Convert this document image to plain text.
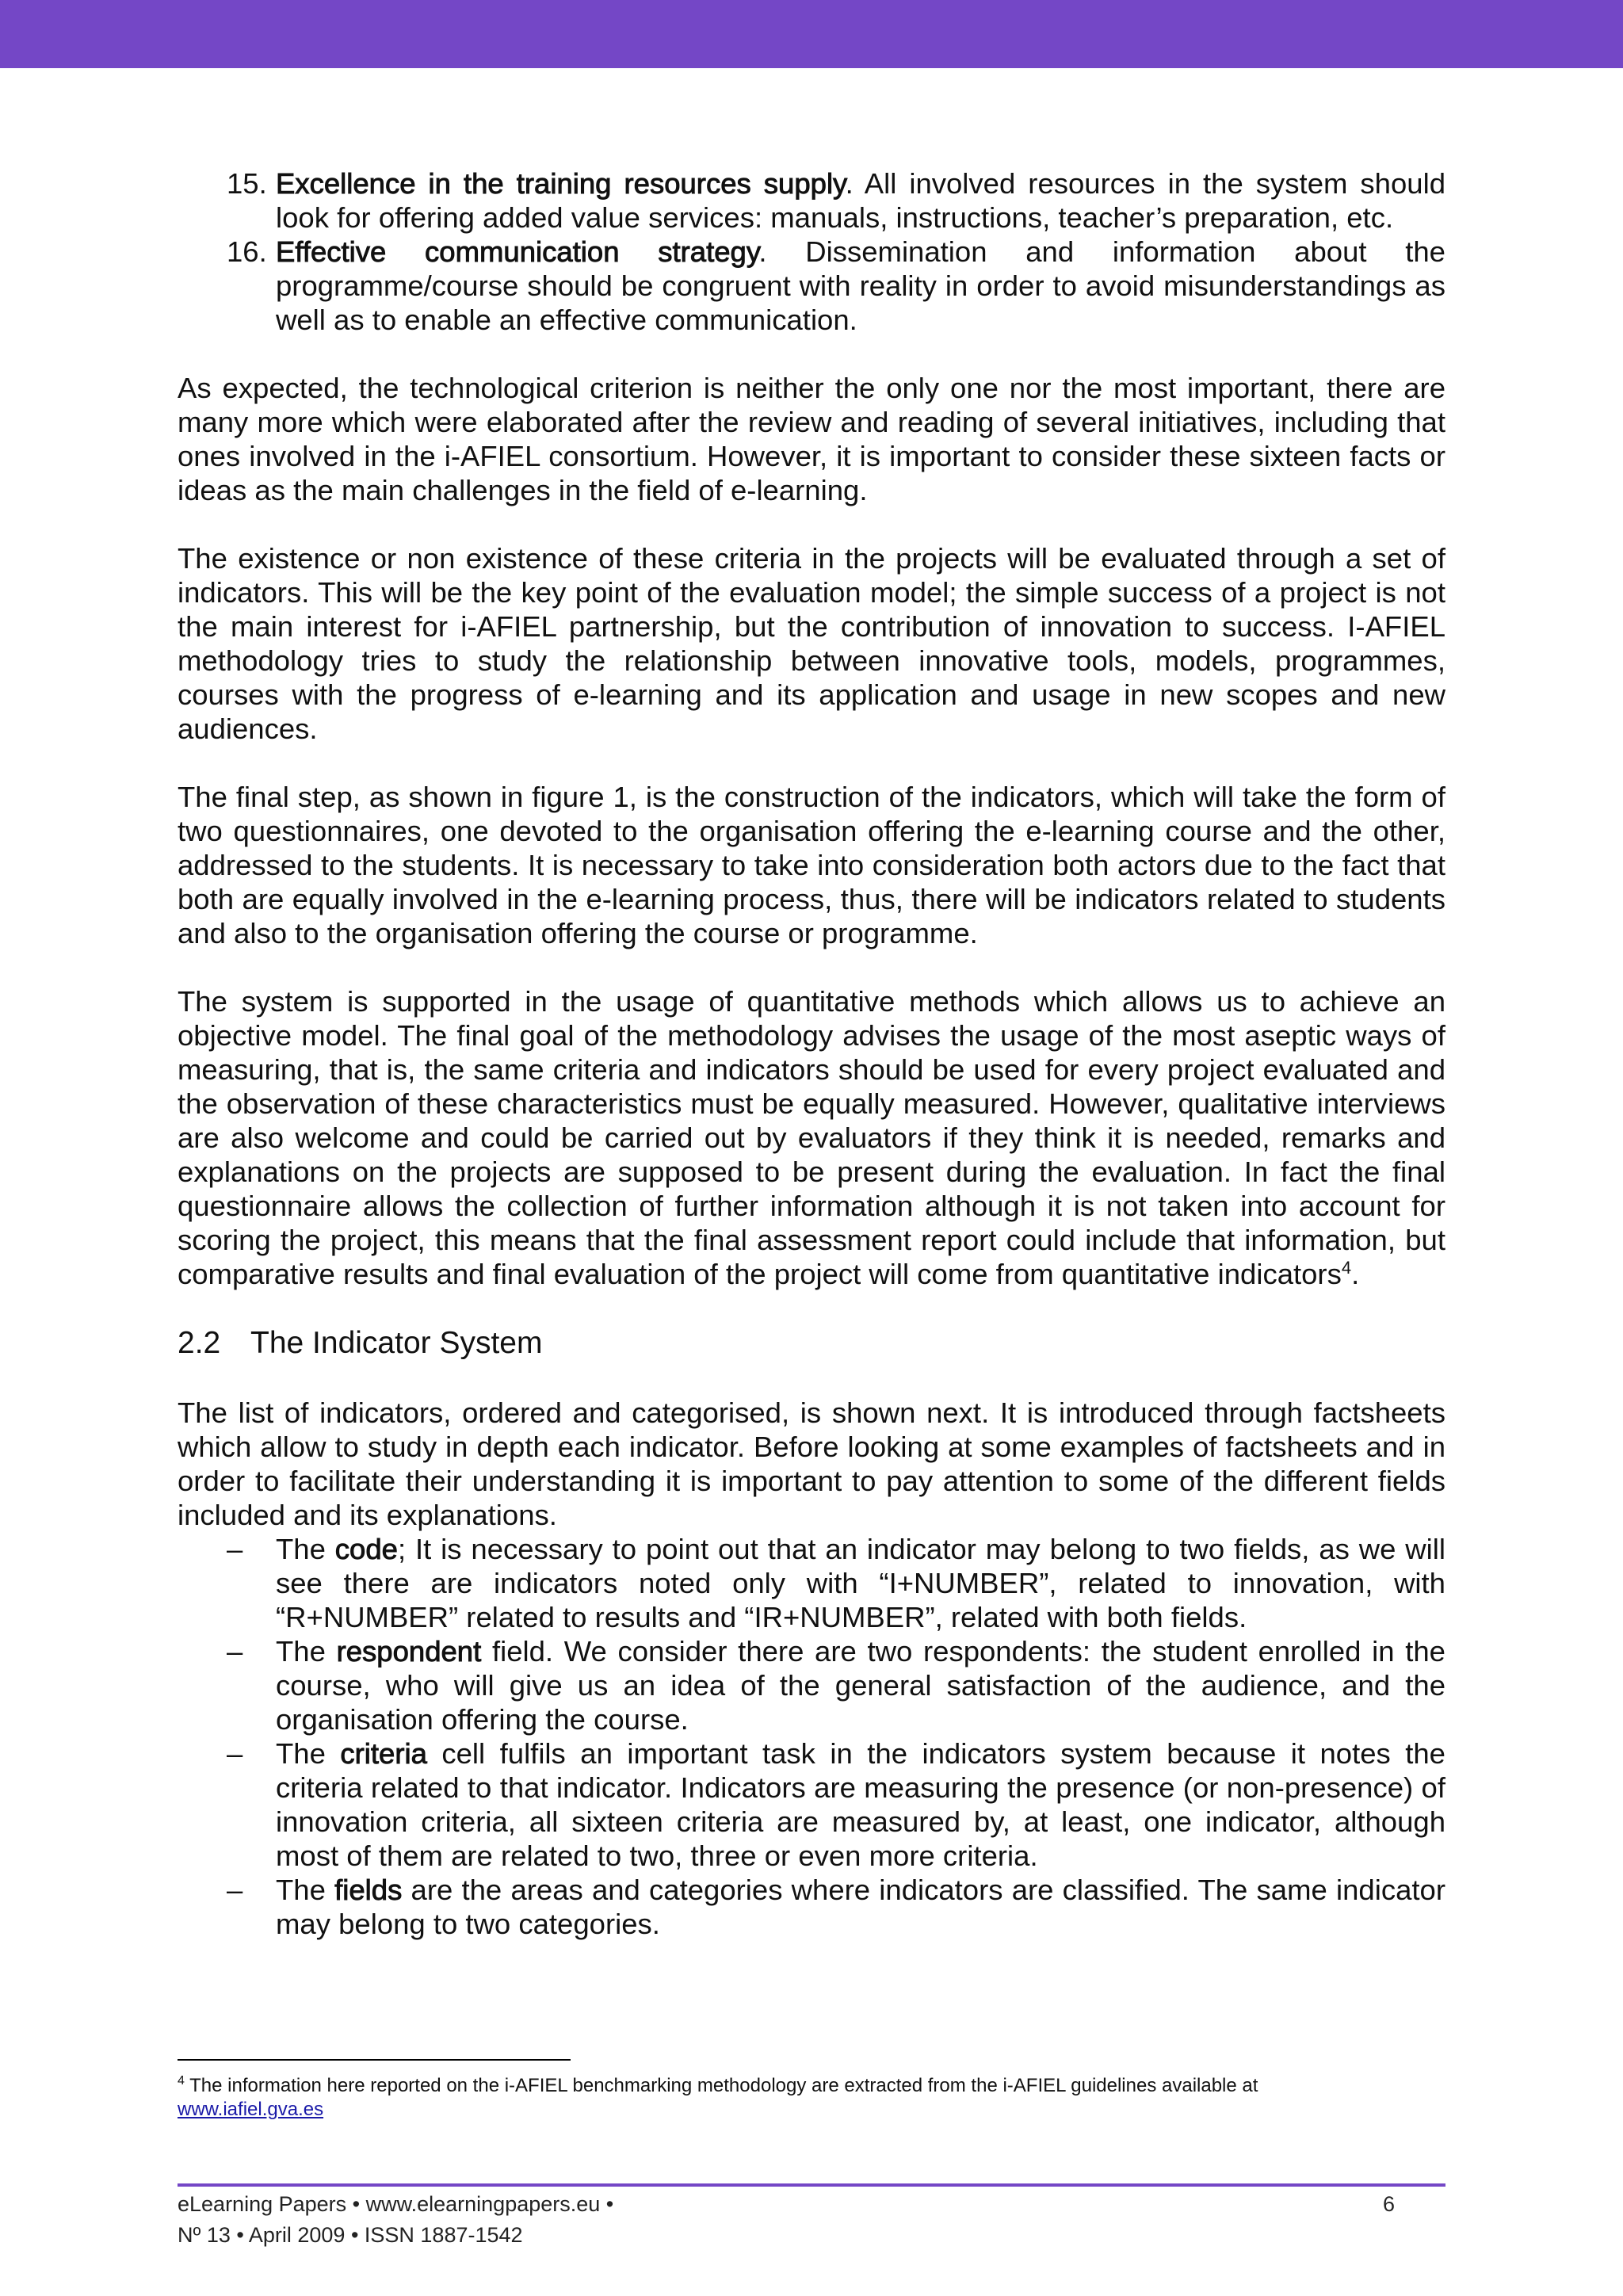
15. Excellence in the training resources supply. All involved resources in the system should look for offering added value services: manuals, instructions, teacher’s preparation, etc.
16. Effective communication strategy. Dissemination and information about the programme/course should be congruent with reality in order to avoid misunderstandings as well as to enable an effective communication.

As expected, the technological criterion is neither the only one nor the most important, there are many more which were elaborated after the review and reading of several initiatives, including that ones involved in the i-AFIEL consortium. However, it is important to consider these sixteen facts or ideas as the main challenges in the field of e-learning.

The existence or non existence of these criteria in the projects will be evaluated through a set of indicators. This will be the key point of the evaluation model; the simple success of a project is not the main interest for i-AFIEL partnership, but the contribution of innovation to success. I-AFIEL methodology tries to study the relationship between innovative tools, models, programmes, courses with the progress of e-learning and its application and usage in new scopes and new audiences.

The final step, as shown in figure 1, is the construction of the indicators, which will take the form of two questionnaires, one devoted to the organisation offering the e-learning course and the other, addressed to the students. It is necessary to take into consideration both actors due to the fact that both are equally involved in the e-learning process, thus, there will be indicators related to students and also to the organisation offering the course or programme.

The system is supported in the usage of quantitative methods which allows us to achieve an objective model. The final goal of the methodology advises the usage of the most aseptic ways of measuring, that is, the same criteria and indicators should be used for every project evaluated and the observation of these characteristics must be equally measured. However, qualitative interviews are also welcome and could be carried out by evaluators if they think it is needed, remarks and explanations on the projects are supposed to be present during the evaluation. In fact the final questionnaire allows the collection of further information although it is not taken into account for scoring the project, this means that the final assessment report could include that information, but comparative results and final evaluation of the project will come from quantitative indicators$^4$.

2.2 The Indicator System

The list of indicators, ordered and categorised, is shown next. It is introduced through factsheets which allow to study in depth each indicator. Before looking at some examples of factsheets and in order to facilitate their understanding it is important to pay attention to some of the different fields included and its explanations.

– The code; It is necessary to point out that an indicator may belong to two fields, as we will see there are indicators noted only with “I+NUMBER”, related to innovation, with “R+NUMBER” related to results and “IR+NUMBER”, related with both fields.
– The respondent field. We consider there are two respondents: the student enrolled in the course, who will give us an idea of the general satisfaction of the audience, and the organisation offering the course.
– The criteria cell fulfils an important task in the indicators system because it notes the criteria related to that indicator. Indicators are measuring the presence (or non-presence) of innovation criteria, all sixteen criteria are measured by, at least, one indicator, although most of them are related to two, three or even more criteria.
– The fields are the areas and categories where indicators are classified. The same indicator may belong to two categories.
$^4$ The information here reported on the i-AFIEL benchmarking methodology are extracted from the i-AFIEL guidelines available at
www.iafiel.gva.es
eLearning Papers • www.elearningpapers.eu •
Nº 13 • April 2009 • ISSN 1887-1542
6
